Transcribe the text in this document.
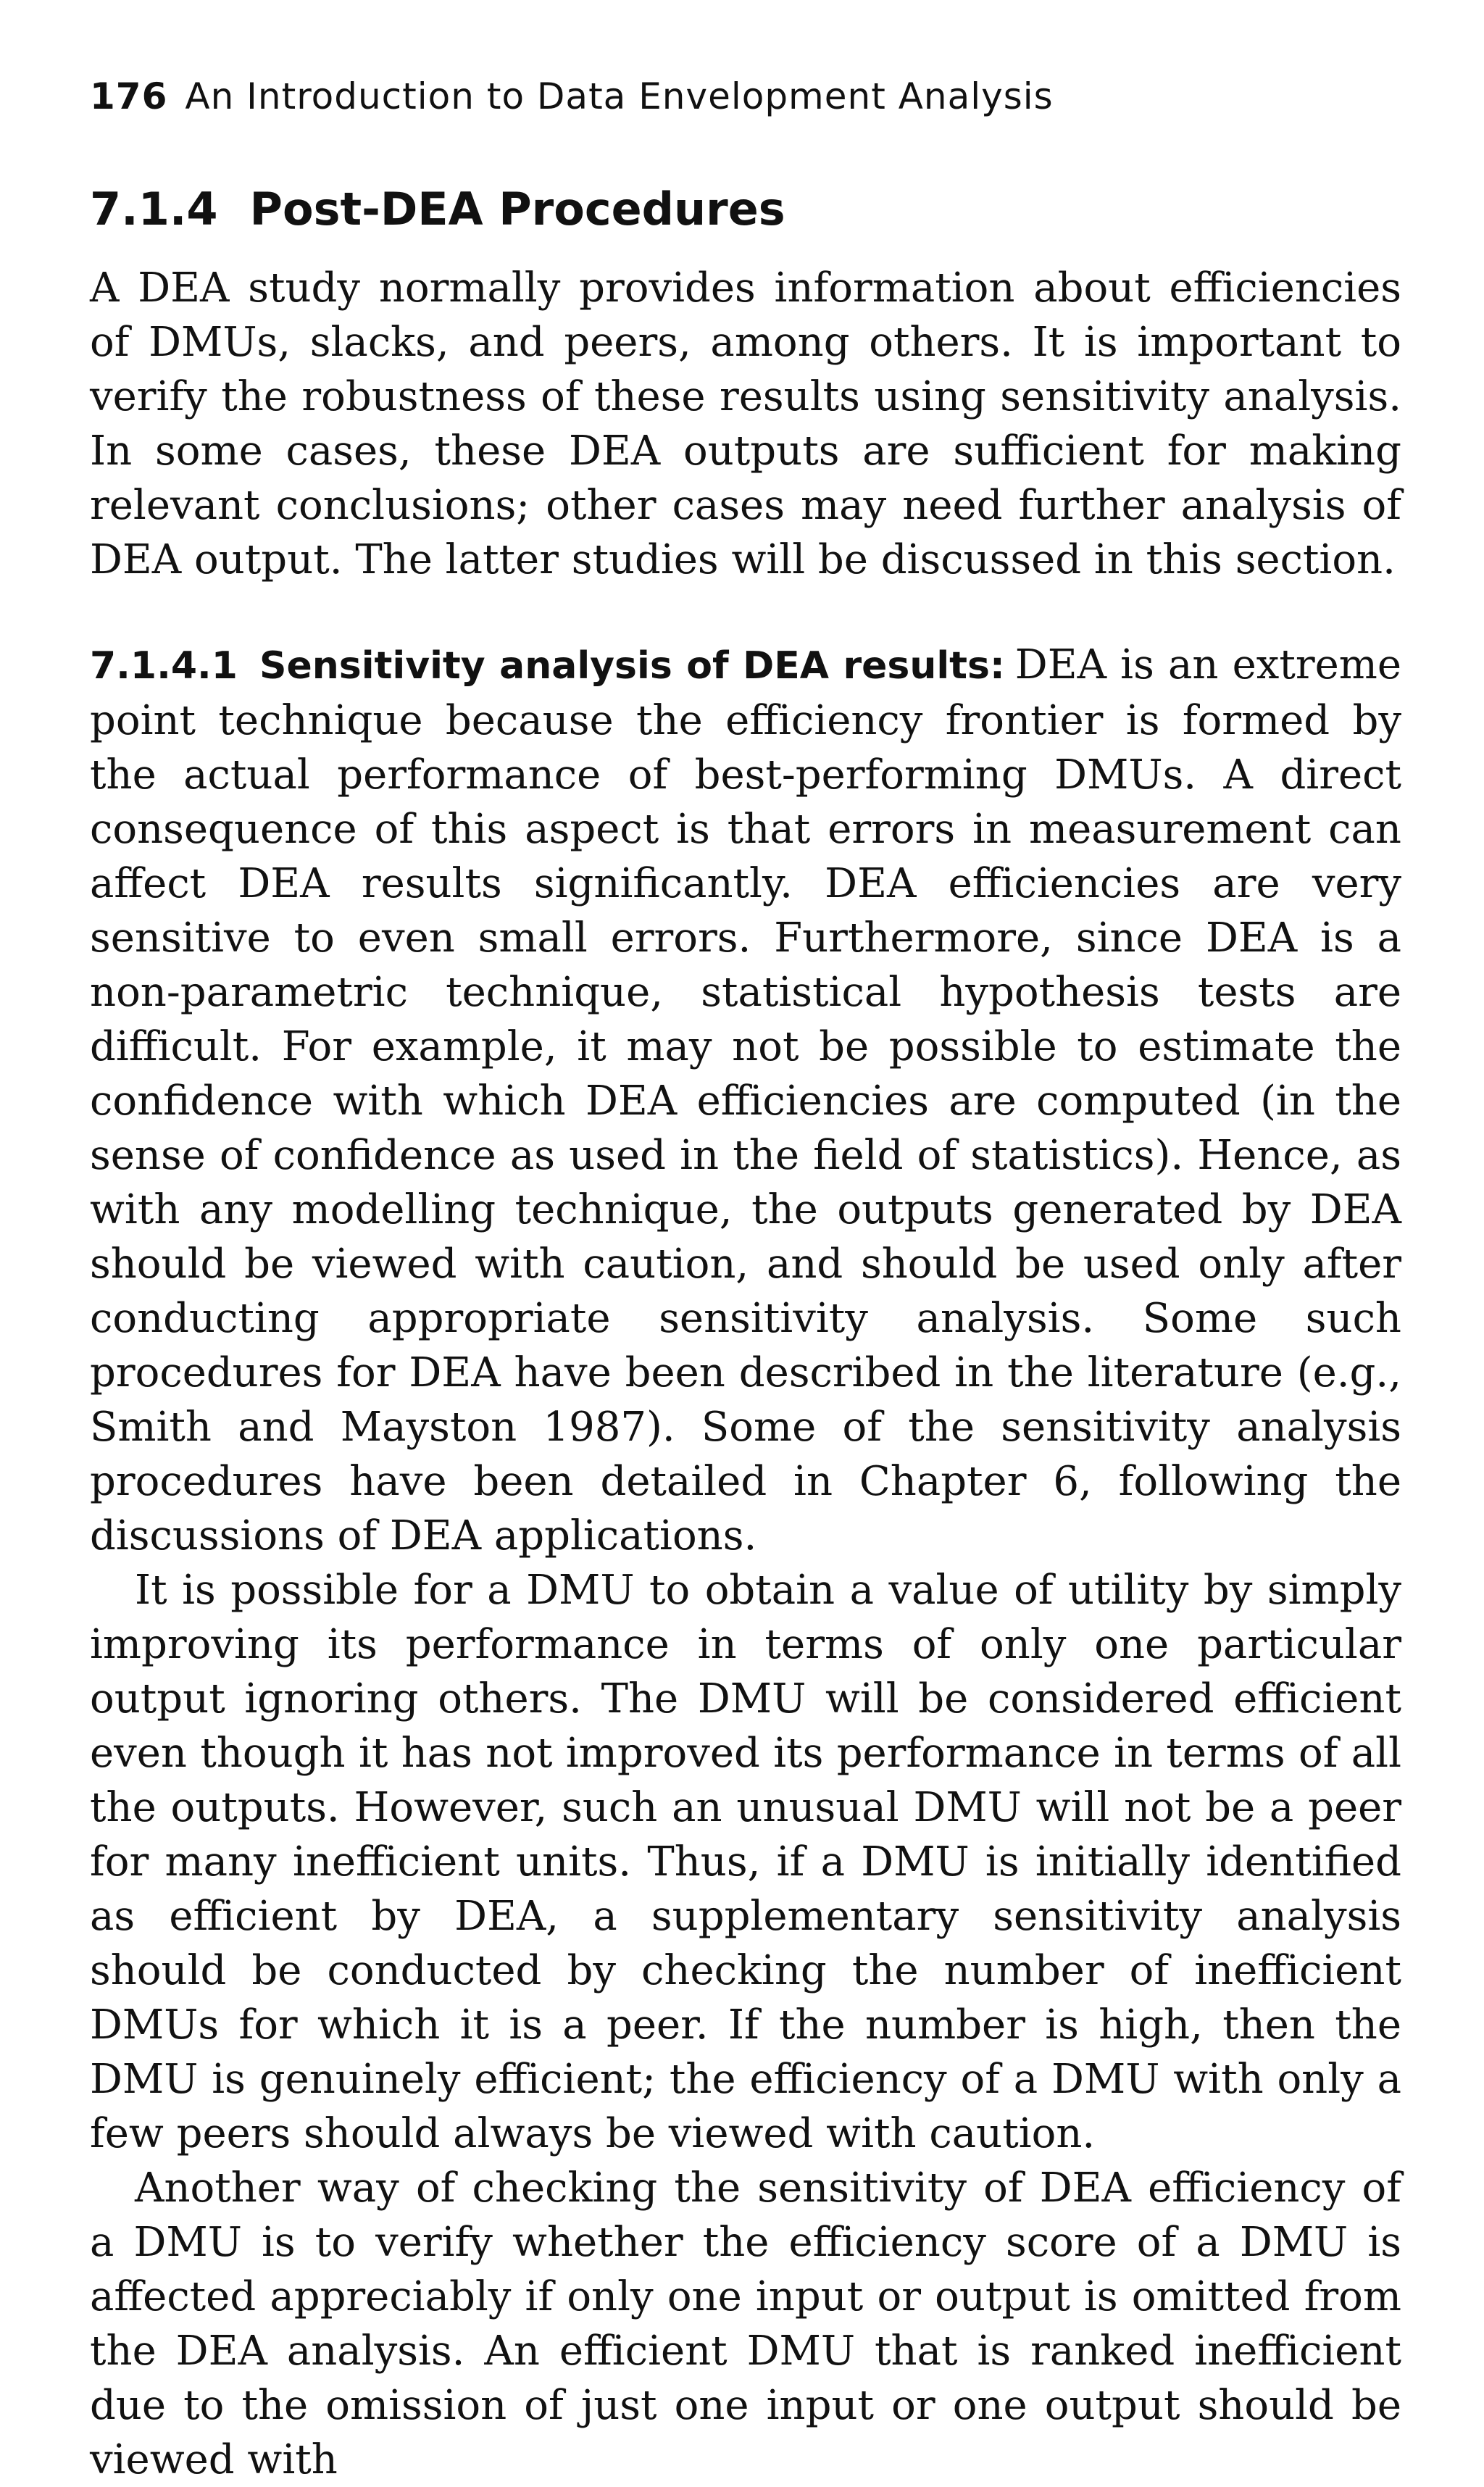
176 An Introduction to Data Envelopment Analysis
7.1.4 Post-DEA Procedures

A DEA study normally provides information about efficiencies of DMUs, slacks, and peers, among others. It is important to verify the robustness of these results using sensitivity analysis. In some cases, these DEA outputs are sufficient for making relevant conclusions; other cases may need further analysis of DEA output. The latter studies will be discussed in this section.

7.1.4.1 Sensitivity analysis of DEA results: DEA is an extreme point technique because the efficiency frontier is formed by the actual performance of best-performing DMUs. A direct consequence of this aspect is that errors in measurement can affect DEA results significantly. DEA efficiencies are very sensitive to even small errors. Furthermore, since DEA is a non-parametric technique, statistical hypothesis tests are difficult. For example, it may not be possible to estimate the confidence with which DEA efficiencies are computed (in the sense of confidence as used in the field of statistics). Hence, as with any modelling technique, the outputs generated by DEA should be viewed with caution, and should be used only after conducting appropriate sensitivity analysis. Some such procedures for DEA have been described in the literature (e.g., Smith and Mayston 1987). Some of the sensitivity analysis procedures have been detailed in Chapter 6, following the discussions of DEA applications.

It is possible for a DMU to obtain a value of utility by simply improving its performance in terms of only one particular output ignoring others. The DMU will be considered efficient even though it has not improved its performance in terms of all the outputs. However, such an unusual DMU will not be a peer for many inefficient units. Thus, if a DMU is initially identified as efficient by DEA, a supplementary sensitivity analysis should be conducted by checking the number of inefficient DMUs for which it is a peer. If the number is high, then the DMU is genuinely efficient; the efficiency of a DMU with only a few peers should always be viewed with caution.

Another way of checking the sensitivity of DEA efficiency of a DMU is to verify whether the efficiency score of a DMU is affected appreciably if only one input or output is omitted from the DEA analysis. An efficient DMU that is ranked inefficient due to the omission of just one input or one output should be viewed with
